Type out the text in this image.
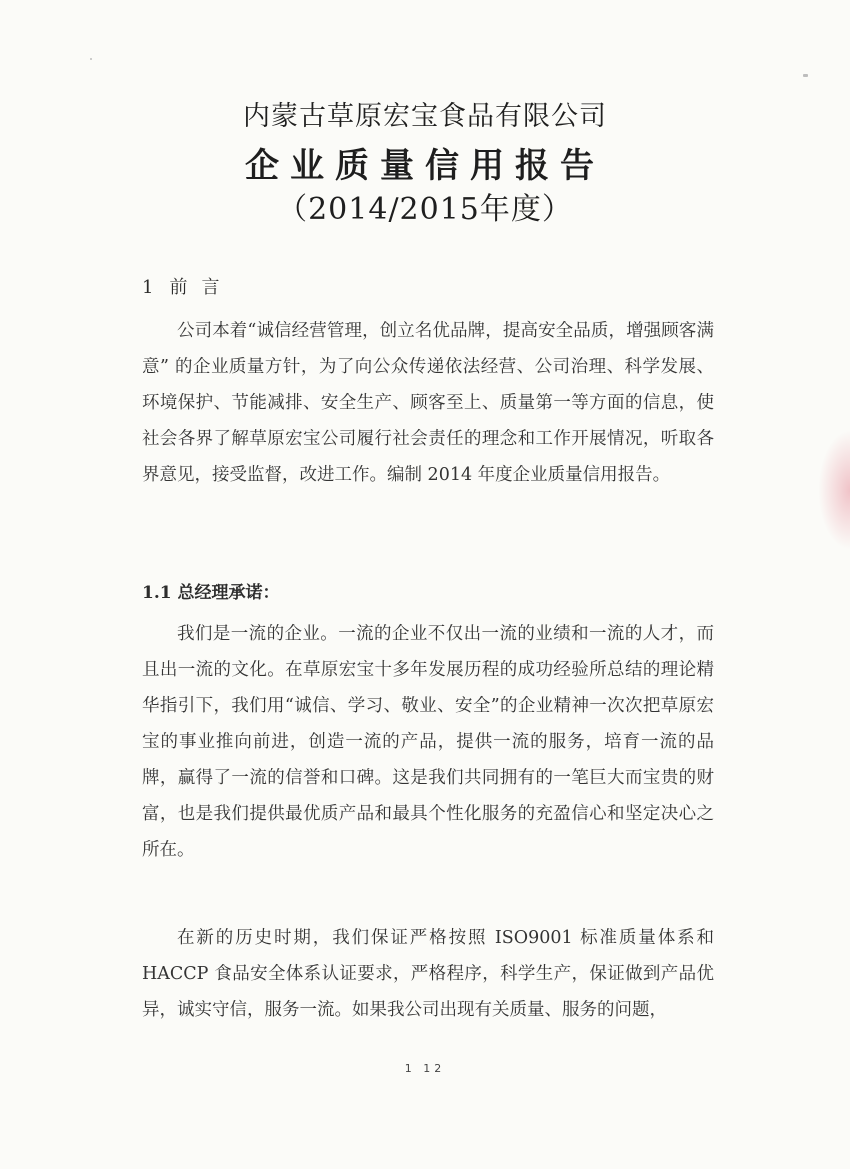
内蒙古草原宏宝食品有限公司
企业质量信用报告
（2014/2015年度）
1 前 言

公司本着“诚信经营管理，创立名优品牌，提高安全品质，增强顾客满意” 的企业质量方针，为了向公众传递依法经营、公司治理、科学发展、环境保护、节能减排、安全生产、顾客至上、质量第一等方面的信息，使社会各界了解草原宏宝公司履行社会责任的理念和工作开展情况，听取各界意见，接受监督，改进工作。编制 2014 年度企业质量信用报告。

1.1 总经理承诺：

我们是一流的企业。一流的企业不仅出一流的业绩和一流的人才，而且出一流的文化。在草原宏宝十多年发展历程的成功经验所总结的理论精华指引下，我们用“诚信、学习、敬业、安全”的企业精神一次次把草原宏宝的事业推向前进，创造一流的产品，提供一流的服务，培育一流的品牌，赢得了一流的信誉和口碑。这是我们共同拥有的一笔巨大而宝贵的财富，也是我们提供最优质产品和最具个性化服务的充盈信心和坚定决心之所在。

在新的历史时期，我们保证严格按照 ISO9001 标准质量体系和 HACCP 食品安全体系认证要求，严格程序，科学生产，保证做到产品优异，诚实守信，服务一流。如果我公司出现有关质量、服务的问题，

1 12
